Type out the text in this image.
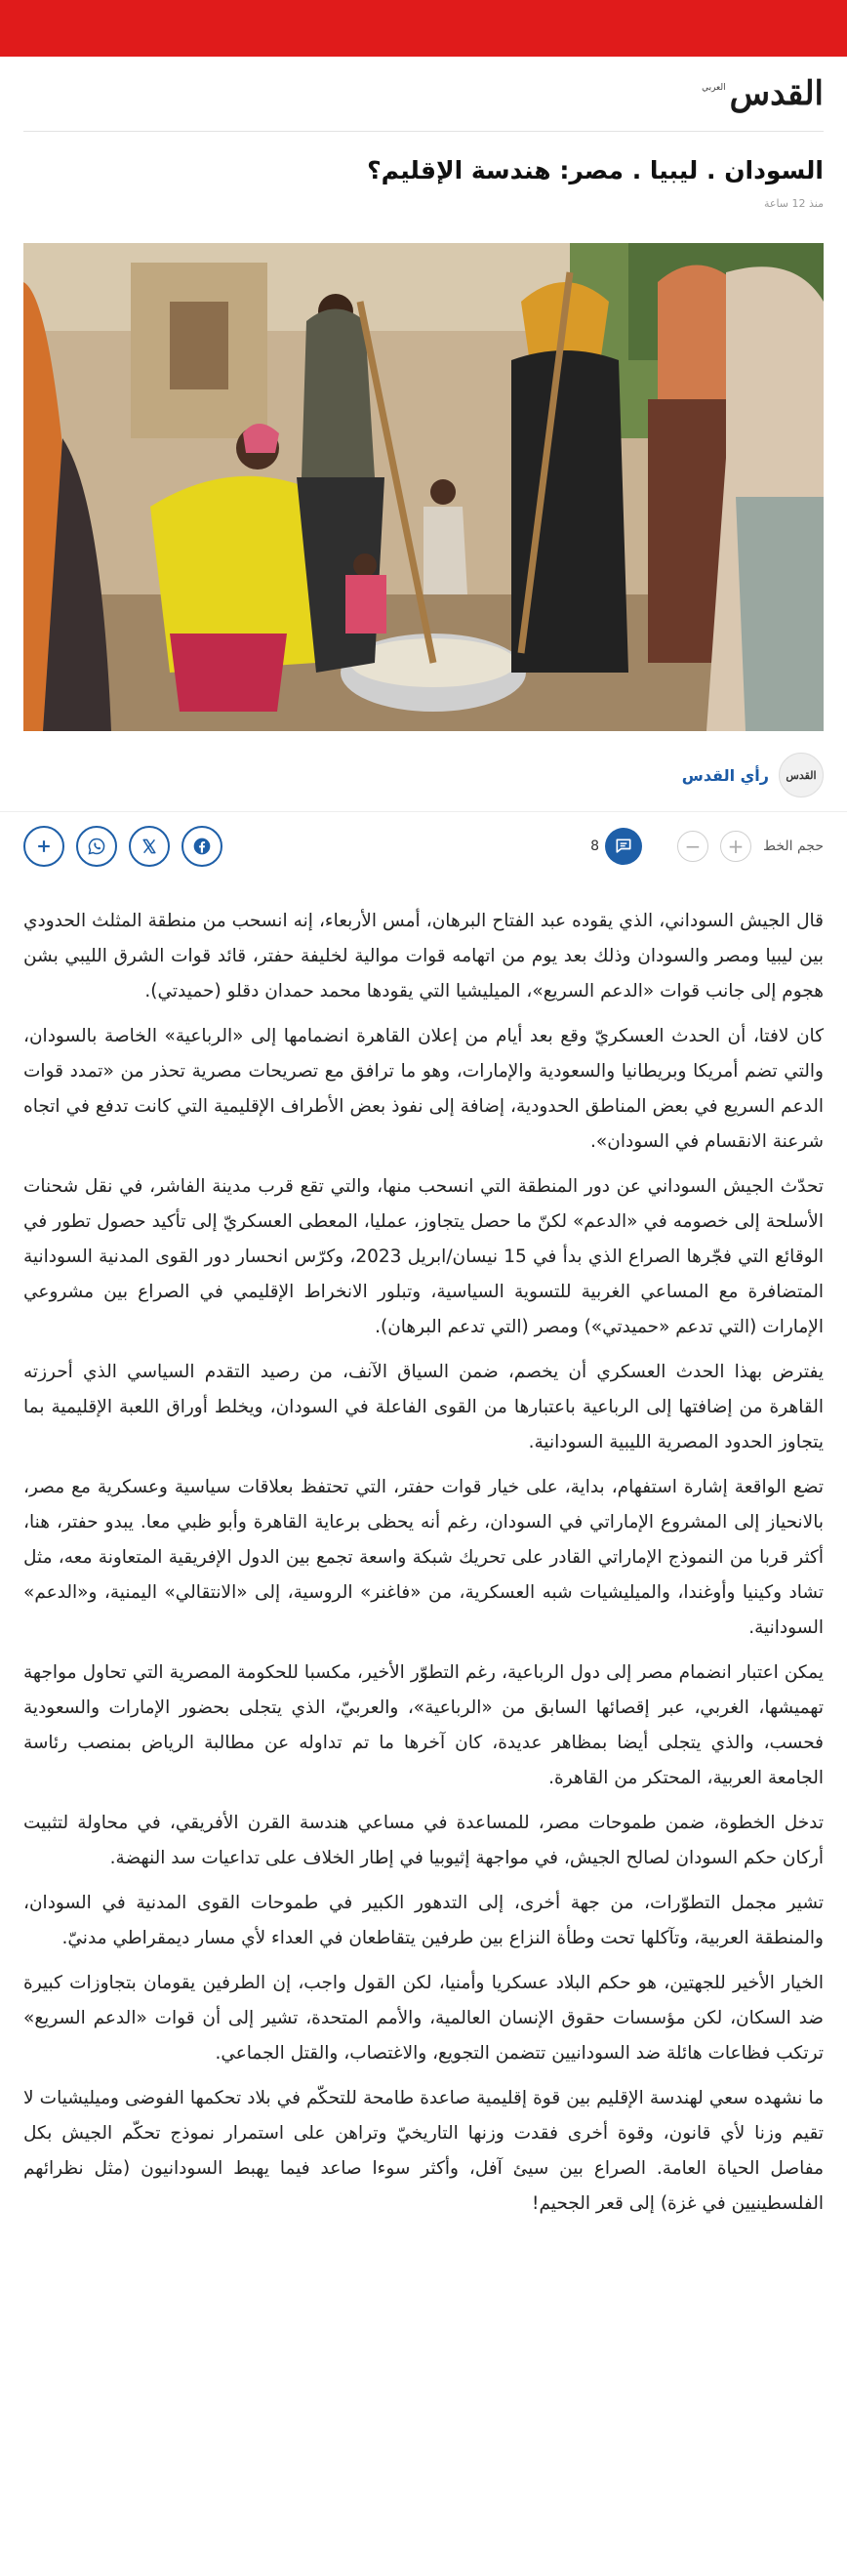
القدس
العربي
السودان . ليبيا . مصر: هندسة الإقليم؟
منذ 12 ساعة
القدس
رأي القدس
حجم الخط
+
−
8

قال الجيش السوداني، الذي يقوده عبد الفتاح البرهان، أمس الأربعاء، إنه انسحب من منطقة المثلث الحدودي بين ليبيا ومصر والسودان وذلك بعد يوم من اتهامه قوات موالية لخليفة حفتر، قائد قوات الشرق الليبي بشن هجوم إلى جانب قوات «الدعم السريع»، الميليشيا التي يقودها محمد حمدان دقلو (حميدتي).

كان لافتا، أن الحدث العسكريّ وقع بعد أيام من إعلان القاهرة انضمامها إلى «الرباعية» الخاصة بالسودان، والتي تضم أمريكا وبريطانيا والسعودية والإمارات، وهو ما ترافق مع تصريحات مصرية تحذر من «تمدد قوات الدعم السريع في بعض المناطق الحدودية، إضافة إلى نفوذ بعض الأطراف الإقليمية التي كانت تدفع في اتجاه شرعنة الانقسام في السودان».

تحدّث الجيش السوداني عن دور المنطقة التي انسحب منها، والتي تقع قرب مدينة الفاشر، في نقل شحنات الأسلحة إلى خصومه في «الدعم» لكنّ ما حصل يتجاوز، عمليا، المعطى العسكريّ إلى تأكيد حصول تطور في الوقائع التي فجّرها الصراع الذي بدأ في 15 نيسان/ابريل 2023، وكرّس انحسار دور القوى المدنية السودانية المتضافرة مع المساعي الغربية للتسوية السياسية، وتبلور الانخراط الإقليمي في الصراع بين مشروعي الإمارات (التي تدعم «حميدتي») ومصر (التي تدعم البرهان).

يفترض بهذا الحدث العسكري أن يخصم، ضمن السياق الآنف، من رصيد التقدم السياسي الذي أحرزته القاهرة من إضافتها إلى الرباعية باعتبارها من القوى الفاعلة في السودان، ويخلط أوراق اللعبة الإقليمية بما يتجاوز الحدود المصرية الليبية السودانية.

تضع الواقعة إشارة استفهام، بداية، على خيار قوات حفتر، التي تحتفظ بعلاقات سياسية وعسكرية مع مصر، بالانحياز إلى المشروع الإماراتي في السودان، رغم أنه يحظى برعاية القاهرة وأبو ظبي معا. يبدو حفتر، هنا، أكثر قربا من النموذج الإماراتي القادر على تحريك شبكة واسعة تجمع بين الدول الإفريقية المتعاونة معه، مثل تشاد وكينيا وأوغندا، والميليشيات شبه العسكرية، من «فاغنر» الروسية، إلى «الانتقالي» اليمنية، و«الدعم» السودانية.

يمكن اعتبار انضمام مصر إلى دول الرباعية، رغم التطوّر الأخير، مكسبا للحكومة المصرية التي تحاول مواجهة تهميشها، الغربي، عبر إقصائها السابق من «الرباعية»، والعربيّ، الذي يتجلى بحضور الإمارات والسعودية فحسب، والذي يتجلى أيضا بمظاهر عديدة، كان آخرها ما تم تداوله عن مطالبة الرياض بمنصب رئاسة الجامعة العربية، المحتكر من القاهرة.

تدخل الخطوة، ضمن طموحات مصر، للمساعدة في مساعي هندسة القرن الأفريقي، في محاولة لتثبيت أركان حكم السودان لصالح الجيش، في مواجهة إثيوبيا في إطار الخلاف على تداعيات سد النهضة.

تشير مجمل التطوّرات، من جهة أخرى، إلى التدهور الكبير في طموحات القوى المدنية في السودان، والمنطقة العربية، وتآكلها تحت وطأة النزاع بين طرفين يتقاطعان في العداء لأي مسار ديمقراطي مدنيّ.

الخيار الأخير للجهتين، هو حكم البلاد عسكريا وأمنيا، لكن القول واجب، إن الطرفين يقومان بتجاوزات كبيرة ضد السكان، لكن مؤسسات حقوق الإنسان العالمية، والأمم المتحدة، تشير إلى أن قوات «الدعم السريع» ترتكب فظاعات هائلة ضد السودانيين تتضمن التجويع، والاغتصاب، والقتل الجماعي.

ما نشهده سعي لهندسة الإقليم بين قوة إقليمية صاعدة طامحة للتحكّم في بلاد تحكمها الفوضى وميليشيات لا تقيم وزنا لأي قانون، وقوة أخرى فقدت وزنها التاريخيّ وتراهن على استمرار نموذج تحكّم الجيش بكل مفاصل الحياة العامة. الصراع بين سيئ آفل، وأكثر سوءا صاعد فيما يهبط السودانيون (مثل نظرائهم الفلسطينيين في غزة) إلى قعر الجحيم!
